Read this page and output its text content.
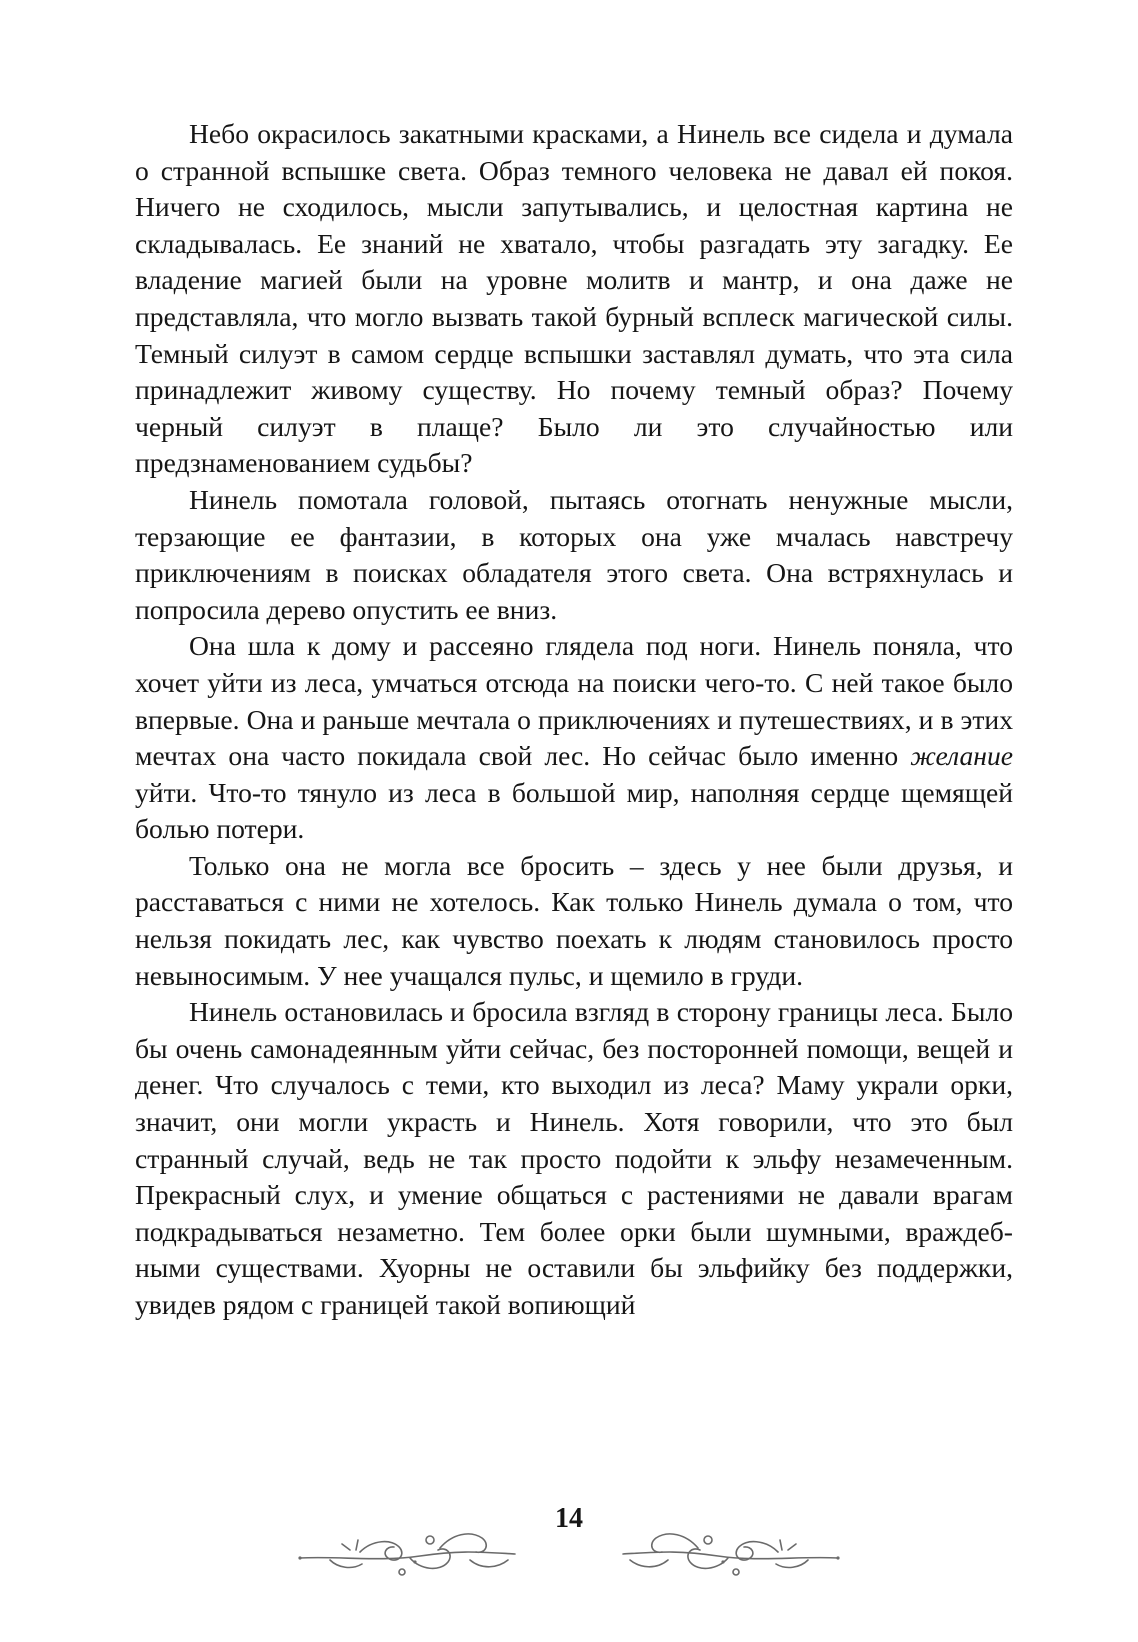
Небо окрасилось закатными красками, а Нинель все сидела и думала о странной вспышке света. Образ темного человека не давал ей покоя. Ничего не сходилось, мысли запутывались, и целостная картина не складывалась. Ее знаний не хватало, чтобы разгадать эту загадку. Ее владение магией были на уровне молитв и мантр, и она даже не представляла, что могло вызвать такой бурный всплеск магической силы. Темный силуэт в самом сердце вспышки заставлял думать, что эта сила принадлежит живому существу. Но почему темный образ? Почему черный силуэт в плаще? Было ли это случайностью или предзнаменованием судьбы?

Нинель помотала головой, пытаясь отогнать ненужные мысли, терзающие ее фантазии, в которых она уже мчалась навстречу приключениям в поисках обладателя этого света. Она встряхнулась и попросила дерево опустить ее вниз.

Она шла к дому и рассеяно глядела под ноги. Нинель поняла, что хочет уйти из леса, умчаться отсюда на поиски чего-то. С ней такое было впервые. Она и раньше мечтала о приключениях и путешествиях, и в этих мечтах она часто покидала свой лес. Но сейчас было именно желание уйти. Что-то тянуло из леса в большой мир, наполняя сердце щемящей болью потери.

Только она не могла все бросить – здесь у нее были друзья, и расставаться с ними не хотелось. Как только Нинель думала о том, что нельзя покидать лес, как чувство поехать к людям становилось просто невыносимым. У нее учащался пульс, и щемило в груди.

Нинель остановилась и бросила взгляд в сторону границы леса. Было бы очень самонадеянным уйти сейчас, без посторонней помощи, вещей и денег. Что случалось с теми, кто выходил из леса? Маму украли орки, значит, они могли украсть и Нинель. Хотя говорили, что это был странный случай, ведь не так просто подойти к эльфу незамеченным. Прекрасный слух, и умение общаться с растениями не давали врагам подкрадываться незаметно. Тем более орки были шумными, враждебными существами. Хуорны не оставили бы эльфийку без поддержки, увидев рядом с границей такой вопиющий

14
